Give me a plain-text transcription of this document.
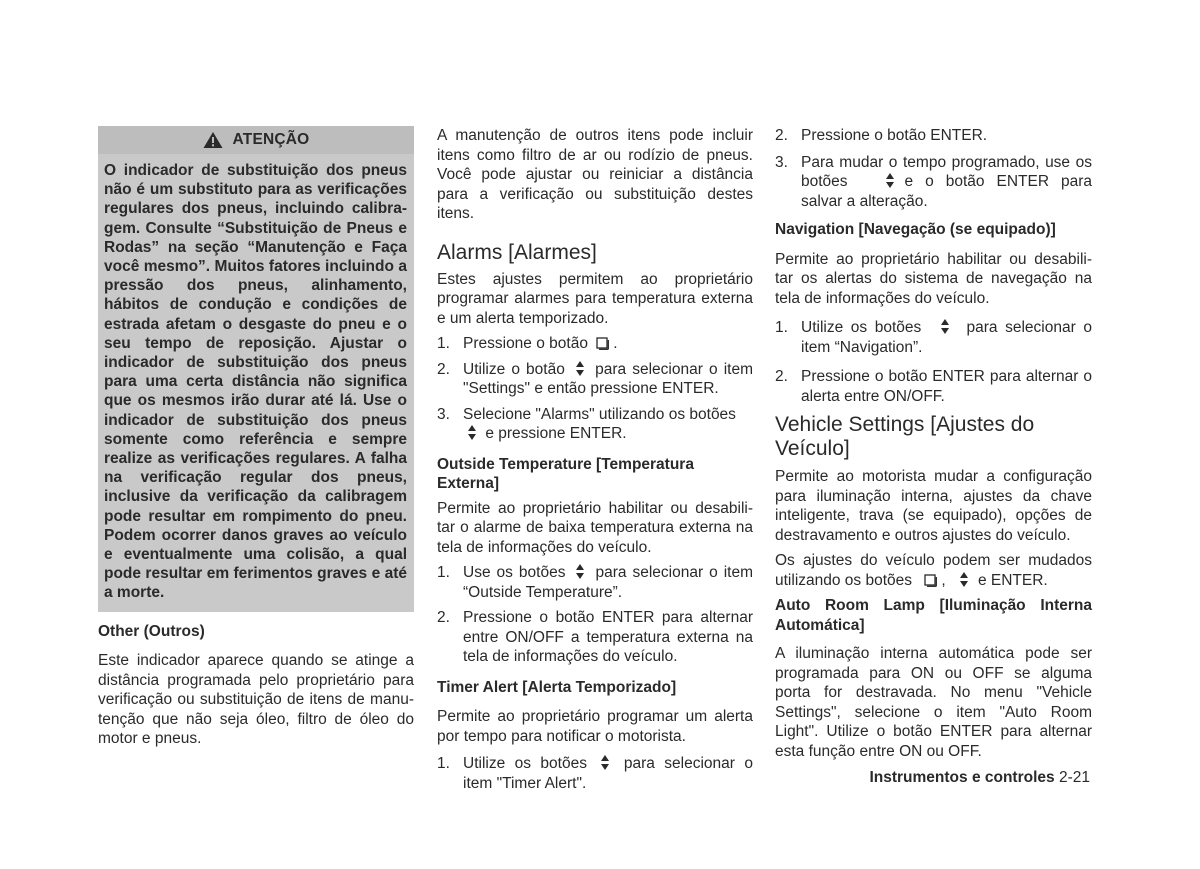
ATENÇÃO
O indicador de substituição dos pneus não é um substituto para as verificações regulares dos pneus, incluindo calibra-gem. Consulte “Substituição de Pneus e Rodas” na seção “Manutenção e Faça você mesmo”. Muitos fatores incluindo a pressão dos pneus, alinhamento, hábitos de condução e condições de estrada afetam o desgaste do pneu e o seu tempo de reposição. Ajustar o indicador de substituição dos pneus para uma certa distância não significa que os mesmos irão durar até lá. Use o indicador de substituição dos pneus somente como referência e sempre realize as verificações regulares. A falha na verificação regular dos pneus, inclusive da verificação da calibragem pode resultar em rompimento do pneu. Podem ocorrer danos graves ao veículo e eventualmente uma colisão, a qual pode resultar em ferimentos graves e até a morte.

Other (Outros)

Este indicador aparece quando se atinge a distância programada pelo proprietário para verificação ou substituição de itens de manu-tenção que não seja óleo, filtro de óleo do motor e pneus.

A manutenção de outros itens pode incluir itens como filtro de ar ou rodízio de pneus. Você pode ajustar ou reiniciar a distância para a verificação ou substituição destes itens.

Alarms [Alarmes]

Estes ajustes permitem ao proprietário programar alarmes para temperatura externa e um alerta temporizado.

1. Pressione o botão .
2. Utilize o botão para selecionar o item "Settings" e então pressione ENTER.
3. Selecione "Alarms" utilizando os botões
e pressione ENTER.

Outside Temperature [Temperatura Externa]

Permite ao proprietário habilitar ou desabili-tar o alarme de baixa temperatura externa na tela de informações do veículo.

1. Use os botões para selecionar o item “Outside Temperature”.
2. Pressione o botão ENTER para alternar entre ON/OFF a temperatura externa na tela de informações do veículo.

Timer Alert [Alerta Temporizado]

Permite ao proprietário programar um alerta por tempo para notificar o motorista.

1. Utilize os botões para selecionar o item "Timer Alert".
2. Pressione o botão ENTER.
3. Para mudar o tempo programado, use os botões	e o botão ENTER para salvar a alteração.

Navigation [Navegação (se equipado)]

Permite ao proprietário habilitar ou desabili-tar os alertas do sistema de navegação na tela de informações do veículo.

1. Utilize os botões	para selecionar o item “Navigation”.
2. Pressione o botão ENTER para alternar o alerta entre ON/OFF.

Vehicle Settings [Ajustes do Veículo]

Permite ao motorista mudar a configuração para iluminação interna, ajustes da chave inteligente, trava (se equipado), opções de destravamento e outros ajustes do veículo.

Os ajustes do veículo podem ser mudados utilizando os botões , e ENTER.

Auto Room Lamp [Iluminação Interna Automática]

A iluminação interna automática pode ser programada para ON ou OFF se alguma porta for destravada. No menu "Vehicle Settings", selecione o item "Auto Room Light". Utilize o botão ENTER para alternar esta função entre ON ou OFF.

Instrumentos e controles 2-21
